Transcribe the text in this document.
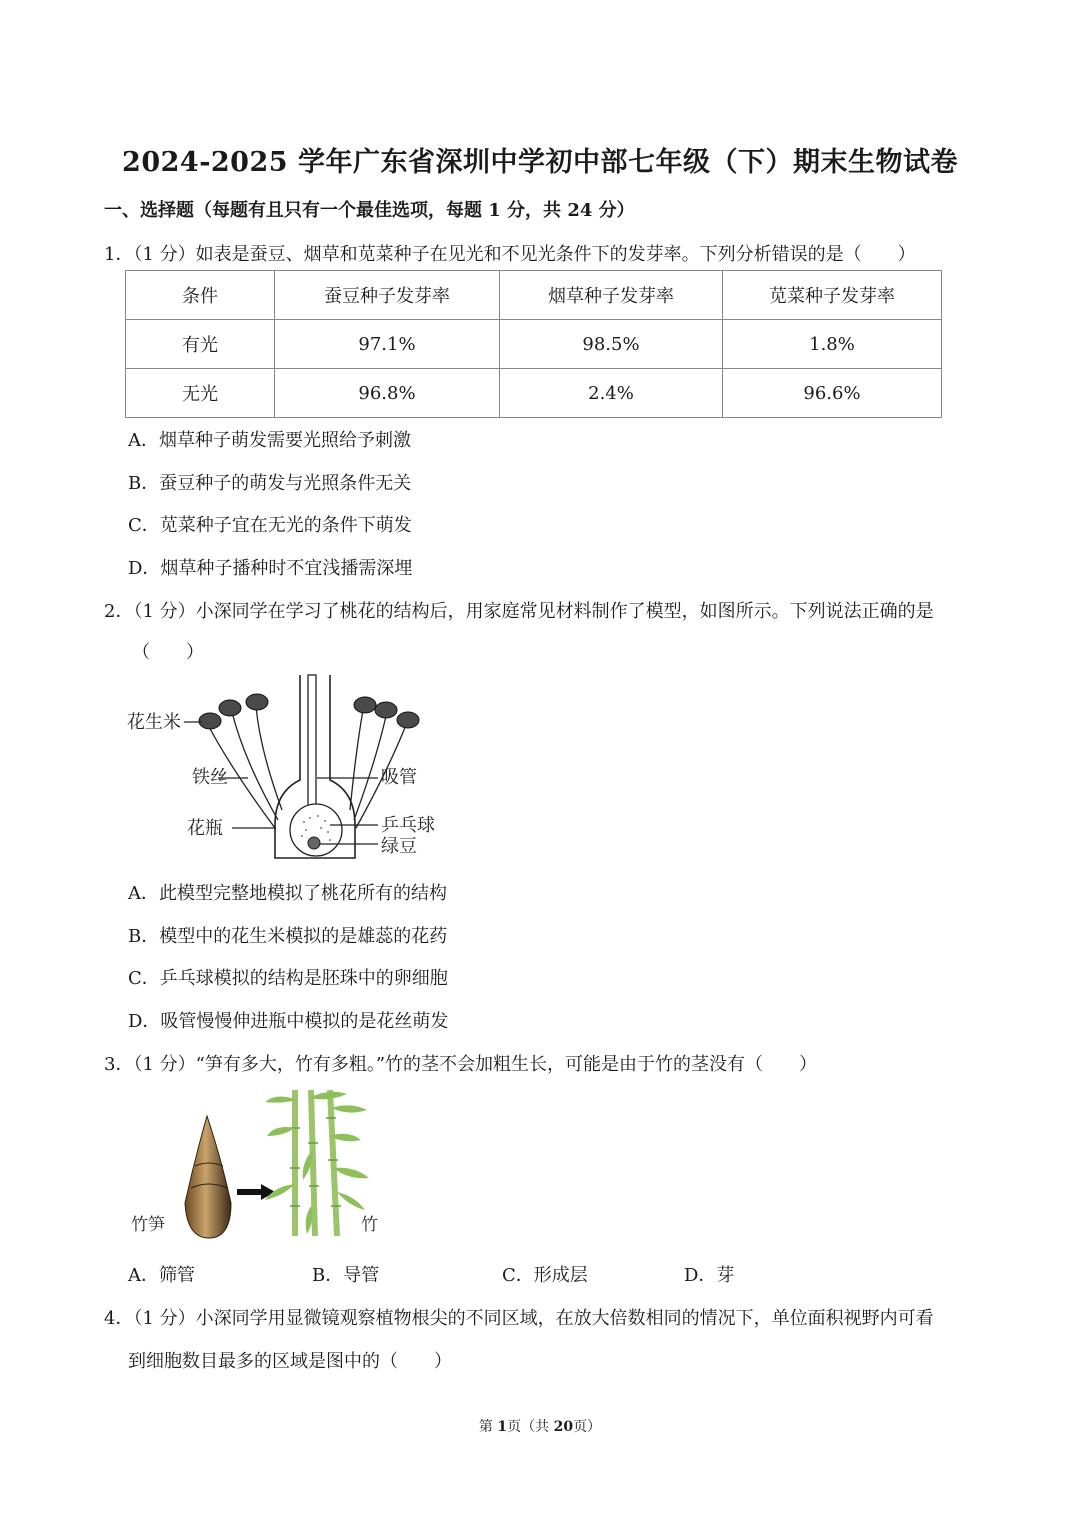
2024-2025 学年广东省深圳中学初中部七年级（下）期末生物试卷
一、选择题（每题有且只有一个最佳选项，每题 1 分，共 24 分）
1．（1 分）如表是蚕豆、烟草和苋菜种子在见光和不见光条件下的发芽率。下列分析错误的是（　　）
条件	蚕豆种子发芽率	烟草种子发芽率	苋菜种子发芽率
有光	97.1%	98.5%	1.8%
无光	96.8%	2.4%	96.6%
A．烟草种子萌发需要光照给予刺激
B．蚕豆种子的萌发与光照条件无关
C．苋菜种子宜在无光的条件下萌发
D．烟草种子播种时不宜浅播需深埋
2．（1 分）小深同学在学习了桃花的结构后，用家庭常见材料制作了模型，如图所示。下列说法正确的是
（　　）
花生米
铁丝
花瓶
吸管
乒乓球
绿豆
A．此模型完整地模拟了桃花所有的结构
B．模型中的花生米模拟的是雄蕊的花药
C．乒乓球模拟的结构是胚珠中的卵细胞
D．吸管慢慢伸进瓶中模拟的是花丝萌发
3．（1 分）“笋有多大，竹有多粗。”竹的茎不会加粗生长，可能是由于竹的茎没有（　　）
竹笋	竹
A．筛管	B．导管	C．形成层	D．芽
4．（1 分）小深同学用显微镜观察植物根尖的不同区域，在放大倍数相同的情况下，单位面积视野内可看
到细胞数目最多的区域是图中的（　　）
第 1页（共 20页）
